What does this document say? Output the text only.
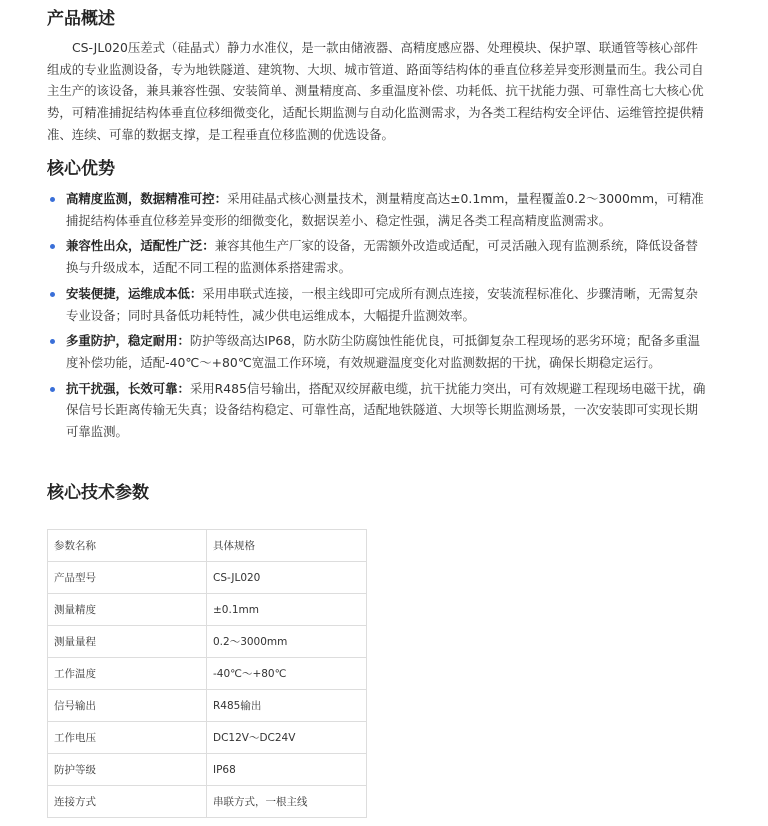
产品概述

CS-JL020压差式（硅晶式）静力水准仪，是一款由储液器、高精度感应器、处理模块、保护罩、联通管等核心部件组成的专业监测设备，专为地铁隧道、建筑物、大坝、城市管道、路面等结构体的垂直位移差异变形测量而生。我公司自主生产的该设备，兼具兼容性强、安装简单、测量精度高、多重温度补偿、功耗低、抗干扰能力强、可靠性高七大核心优势，可精准捕捉结构体垂直位移细微变化，适配长期监测与自动化监测需求，为各类工程结构安全评估、运维管控提供精准、连续、可靠的数据支撑，是工程垂直位移监测的优选设备。

核心优势
高精度监测，数据精准可控：采用硅晶式核心测量技术，测量精度高达±0.1mm，量程覆盖0.2～3000mm，可精准捕捉结构体垂直位移差异变形的细微变化，数据误差小、稳定性强，满足各类工程高精度监测需求。
兼容性出众，适配性广泛：兼容其他生产厂家的设备，无需额外改造或适配，可灵活融入现有监测系统，降低设备替换与升级成本，适配不同工程的监测体系搭建需求。
安装便捷，运维成本低：采用串联式连接，一根主线即可完成所有测点连接，安装流程标准化、步骤清晰，无需复杂专业设备；同时具备低功耗特性，减少供电运维成本，大幅提升监测效率。
多重防护，稳定耐用：防护等级高达IP68，防水防尘防腐蚀性能优良，可抵御复杂工程现场的恶劣环境；配备多重温度补偿功能，适配-40℃～+80℃宽温工作环境，有效规避温度变化对监测数据的干扰，确保长期稳定运行。
抗干扰强，长效可靠：采用R485信号输出，搭配双绞屏蔽电缆，抗干扰能力突出，可有效规避工程现场电磁干扰，确保信号长距离传输无失真；设备结构稳定、可靠性高，适配地铁隧道、大坝等长期监测场景，一次安装即可实现长期可靠监测。
核心技术参数
参数名称	具体规格
产品型号	CS-JL020
测量精度	±0.1mm
测量量程	0.2～3000mm
工作温度	-40℃～+80℃
信号输出	R485输出
工作电压	DC12V～DC24V
防护等级	IP68
连接方式	串联方式，一根主线
